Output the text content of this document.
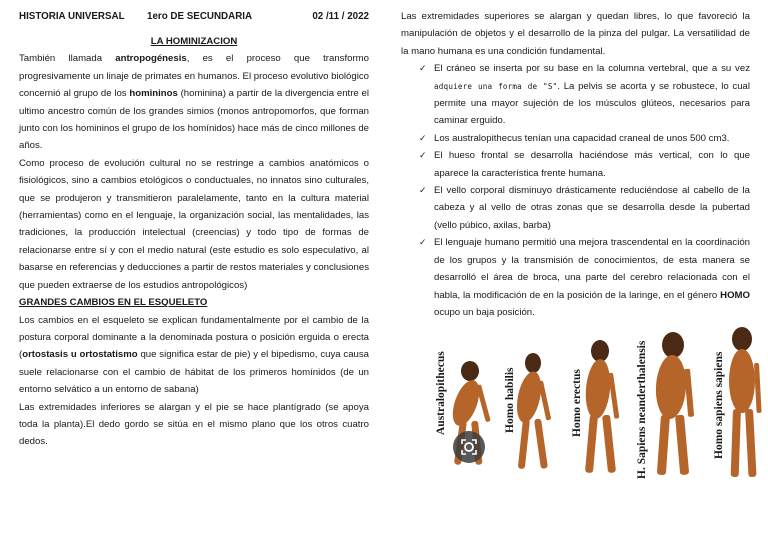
HISTORIA UNIVERSAL	1ero DE SECUNDARIA	02 /11 / 2022
LA HOMINIZACION

También llamada antropogénesis, es el proceso que transformo progresivamente un linaje de primates en humanos. El proceso evolutivo biológico concernió al grupo de los homininos (hominina) a partir de la divergencia entre el ultimo ancestro común de los grandes simios (monos antropomorfos, que forman junto con los homininos el grupo de los homínidos) hace más de cinco millones de años.

Como proceso de evolución cultural no se restringe a cambios anatómicos o fisiológicos, sino a cambios etológicos o conductuales, no innatos sino culturales, que se produjeron y transmitieron paralelamente, tanto en la cultura material (herramientas) como en el lenguaje, la organización social, las mentalidades, las tradiciones, la producción intelectual (creencias) y todo tipo de formas de relacionarse entre sí y con el medio natural (este estudio es solo especulativo, al basarse en referencias y deducciones a partir de restos materiales y conclusiones que pueden extraerse de los estudios antropológicos)

GRANDES CAMBIOS EN EL ESQUELETO

Los cambios en el esqueleto se explican fundamentalmente por el cambio de la postura corporal dominante a la denominada postura o posición erguida o erecta (ortostasis u ortostatismo que significa estar de pie) y el bipedismo, cuya causa suele relacionarse con el cambio de hábitat de los primeros homínidos (de un entorno selvático a un entorno de sabana)

Las extremidades inferiores se alargan y el pie se hace plantígrado (se apoya toda la planta).El dedo gordo se sitúa en el mismo plano que los otros cuatro dedos.

Las extremidades superiores se alargan y quedan libres, lo que favoreció la manipulación de objetos y el desarrollo de la pinza del pulgar. La versatilidad de la mano humana es una condición fundamental.

✓ El cráneo se inserta por su base en la columna vertebral, que a su vez adquiere una forma de "S". La pelvis se acorta y se robustece, lo cual permite una mayor sujeción de los músculos glúteos, necesarios para caminar erguido.
✓ Los australopithecus tenían una capacidad craneal de unos 500 cm3.
✓ El hueso frontal se desarrolla haciéndose más vertical, con lo que aparece la característica frente humana.
✓ El vello corporal disminuyo drásticamente reduciéndose al cabello de la cabeza y al vello de otras zonas que se desarrolla desde la pubertad (vello púbico, axilas, barba)
✓ El lenguaje humano permitió una mejora trascendental en la coordinación de los grupos y la transmisión de conocimientos, de esta manera se desarrolló el área de broca, una parte del cerebro relacionada con el habla, la modificación de en la posición de la laringe, en el género HOMO ocupo un baja posición.
Australopithecus	Homo habilis	Homo erectus	H. Sapiens neanderthalensis	Homo sapiens sapiens
